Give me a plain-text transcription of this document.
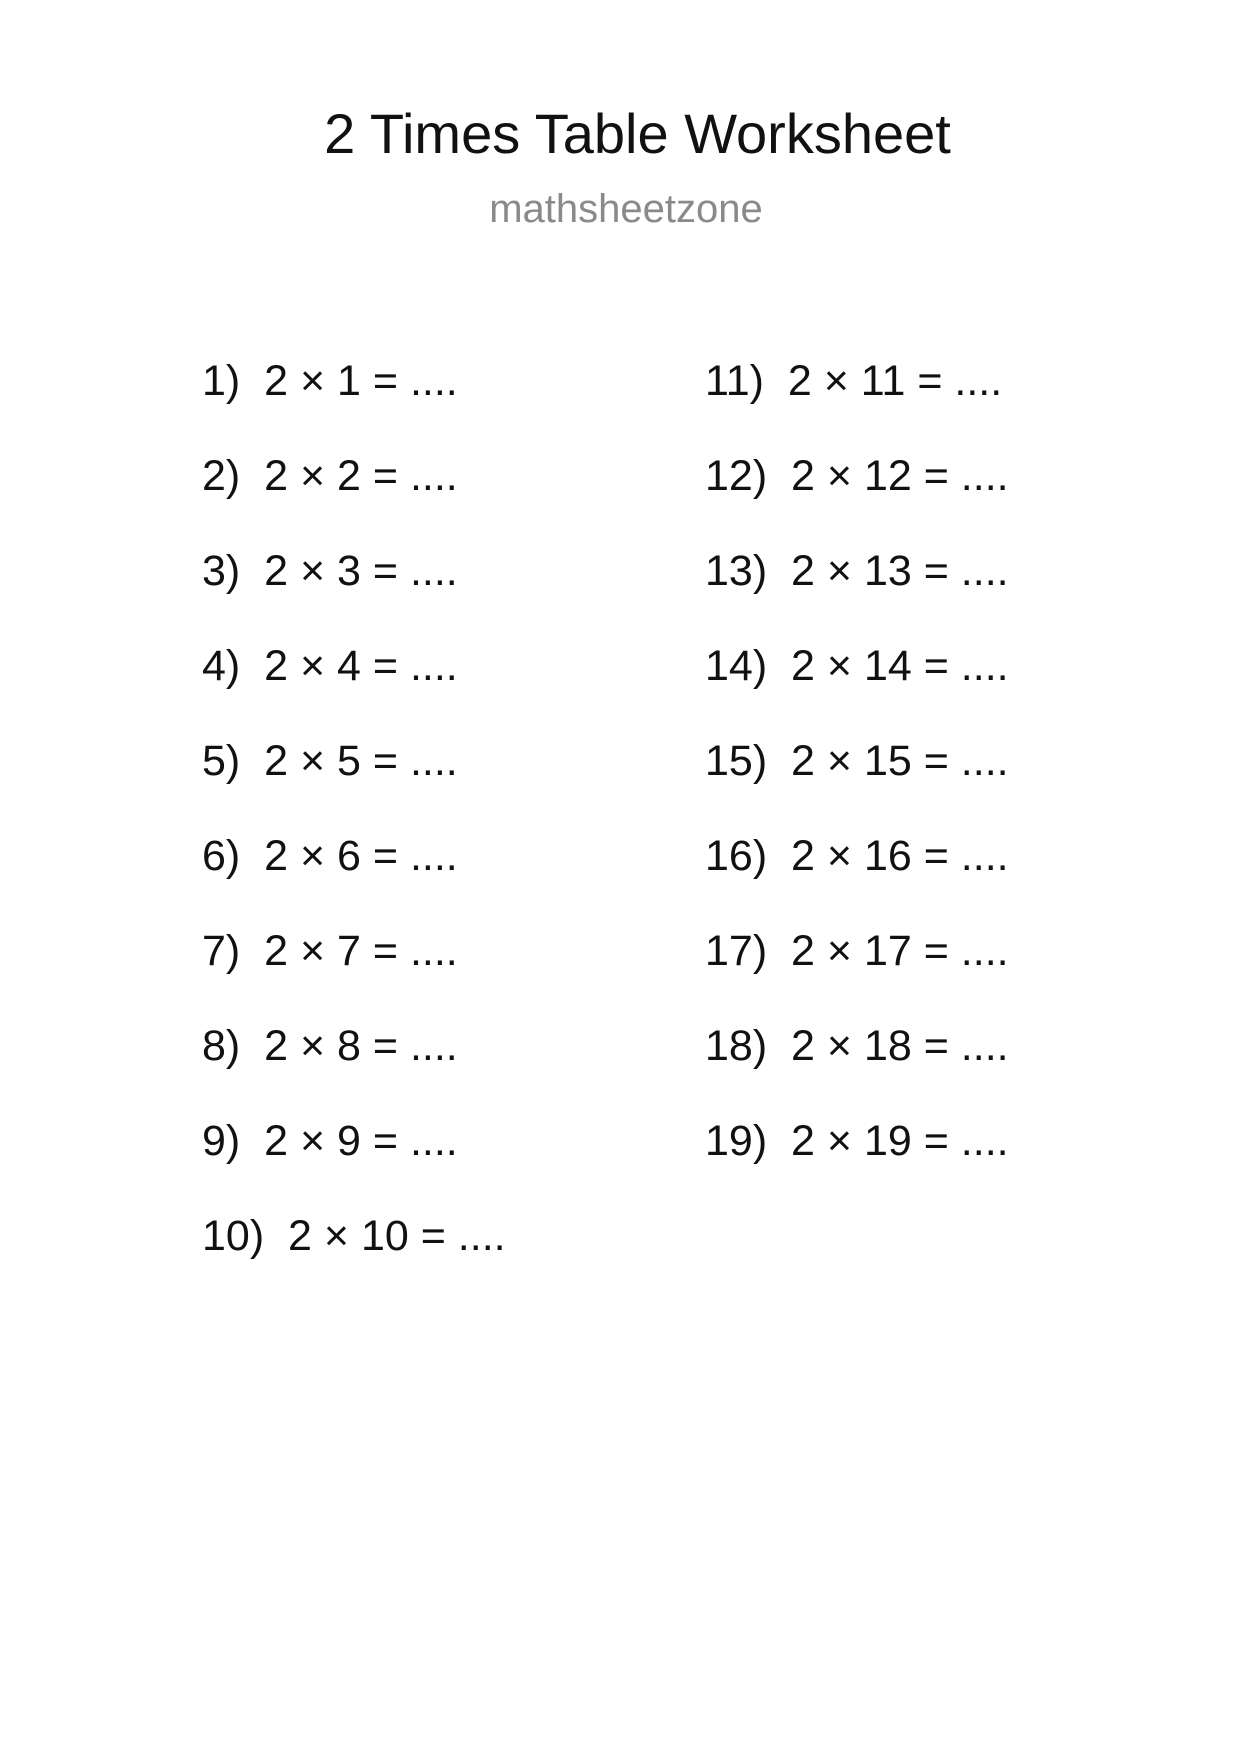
2 Times Table Worksheet
mathsheetzone
1)  2 × 1 = ....
2)  2 × 2 = ....
3)  2 × 3 = ....
4)  2 × 4 = ....
5)  2 × 5 = ....
6)  2 × 6 = ....
7)  2 × 7 = ....
8)  2 × 8 = ....
9)  2 × 9 = ....
10)  2 × 10 = ....
11)  2 × 11 = ....
12)  2 × 12 = ....
13)  2 × 13 = ....
14)  2 × 14 = ....
15)  2 × 15 = ....
16)  2 × 16 = ....
17)  2 × 17 = ....
18)  2 × 18 = ....
19)  2 × 19 = ....
